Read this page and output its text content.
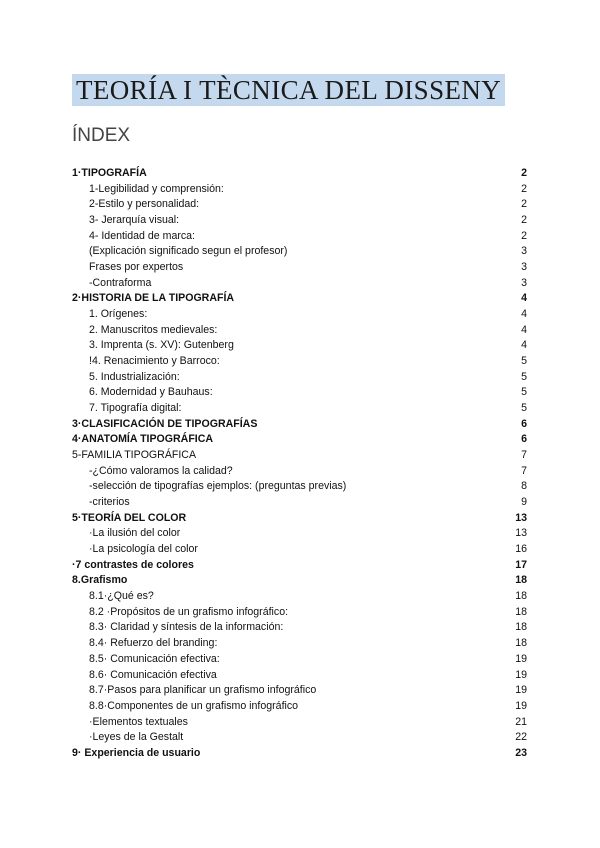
TEORÍA I TÈCNICA DEL DISSENY
ÍNDEX
1·TIPOGRAFÍA	2
1-Legibilidad y comprensión:	2
2-Estilo y personalidad:	2
3- Jerarquía visual:	2
4- Identidad de marca:	2
(Explicación significado segun el profesor)	3
Frases por expertos	3
-Contraforma	3
2·HISTORIA DE LA TIPOGRAFÍA	4
1. Orígenes:	4
2. Manuscritos medievales:	4
3. Imprenta (s. XV): Gutenberg	4
!4. Renacimiento y Barroco:	5
5. Industrialización:	5
6. Modernidad y Bauhaus:	5
7. Tipografía digital:	5
3·CLASIFICACIÓN DE TIPOGRAFÍAS	6
4·ANATOMÍA TIPOGRÁFICA	6
5-FAMILIA TIPOGRÁFICA	7
-¿Cómo valoramos la calidad?	7
-selección de tipografías ejemplos: (preguntas previas)	8
-criterios	9
5·TEORÍA DEL COLOR	13
·La ilusión del color	13
·La psicología del color	16
·7 contrastes de colores	17
8.Grafismo	18
8.1·¿Qué es?	18
8.2 ·Propósitos de un grafismo infográfico:	18
8.3· Claridad y síntesis de la información:	18
8.4· Refuerzo del branding:	18
8.5· Comunicación efectiva:	19
8.6· Comunicación efectiva	19
8.7·Pasos para planificar un grafismo infográfico	19
8.8·Componentes de un grafismo infográfico	19
·Elementos textuales	21
·Leyes de la Gestalt	22
9· Experiencia de usuario	23
